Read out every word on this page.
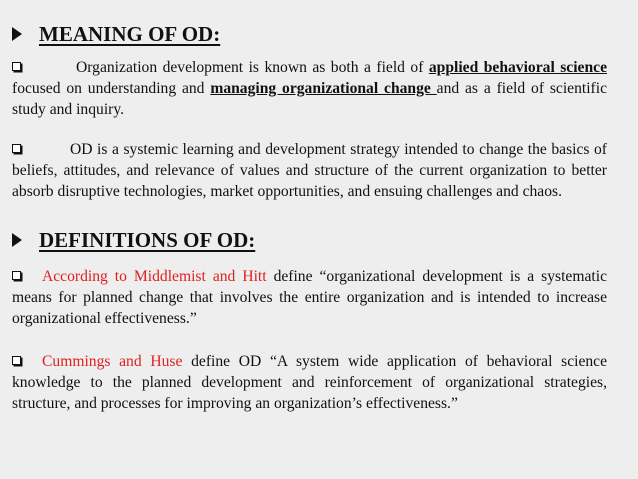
MEANING OF OD:
Organization development is known as both a field of applied behavioral science focused on understanding and managing organizational change and as a field of scientific study and inquiry.
OD is a systemic learning and development strategy intended to change the basics of beliefs, attitudes, and relevance of values and structure of the current organization to better absorb disruptive technologies, market opportunities, and ensuing challenges and chaos.
DEFINITIONS OF OD:
According to Middlemist and Hitt define “organizational development is a systematic means for planned change that involves the entire organization and is intended to increase organizational effectiveness.”
Cummings and Huse define OD “A system wide application of behavioral science knowledge to the planned development and reinforcement of organizational strategies, structure, and processes for improving an organization’s effectiveness.”
